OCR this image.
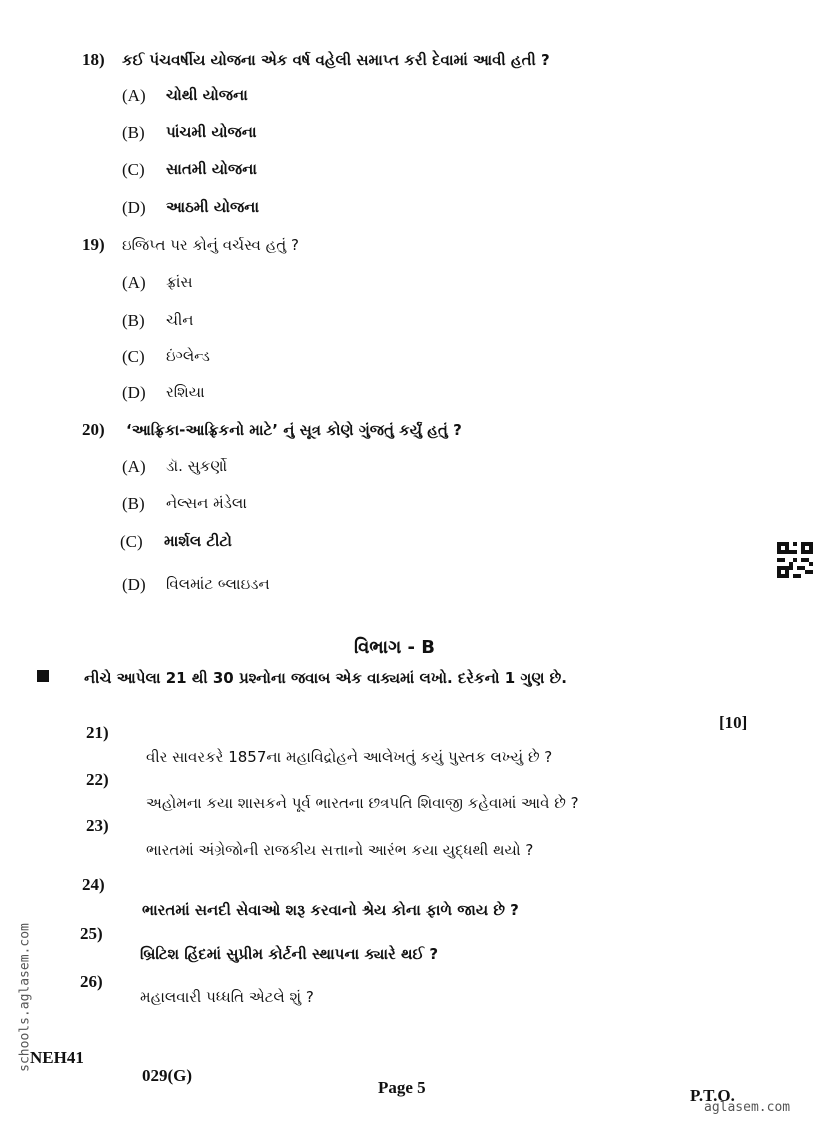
18) કઈ પંચવર્ષીય યોજના એક વર્ષ વહેલી સમાપ્ત કરી દેવામાં આવી હતી ?
(A) ચોથી યોજના
(B) પાંચમી યોજના
(C) સાતમી યોજના
(D) આઠમી યોજના
19) ઇજિપ્ત પર કોનું વર્ચસ્વ હતું ?
(A) ફ્રાંસ
(B) ચીન
(C) ઇંગ્લેન્ડ
(D) રશિયા
20) ‘આફ્રિકા-આફ્રિકનો માટે’ નું સૂત્ર કોણે ગુંજતું કર્યું હતું ?
(A) ડૉ. સુકર્ણો
(B) નેલ્સન મંડેલા
(C) માર્શલ ટીટો
(D) વિલમાંટ બ્લાઇડન
વિભાગ - B
નીચે આપેલા 21 થી 30 પ્રશ્નોના જવાબ એક વાક્યમાં લખો. દરેકનો 1 ગુણ છે.
[10]
21)
વીર સાવરકરે 1857ના મહાવિદ્રોહને આલેખતું કયું પુસ્તક લખ્યું છે ?
22)
અહોમના કયા શાસકને પૂર્વ ભારતના છત્રપતિ શિવાજી કહેવામાં આવે છે ?
23)
ભારતમાં અંગ્રેજોની રાજકીય સત્તાનો આરંભ કયા યુદ્ધથી થયો ?
24)
ભારતમાં સનદી સેવાઓ શરૂ કરવાનો શ્રેય કોના ફાળે જાય છે ?
25)
બ્રિટિશ હિંદમાં સુપ્રીમ કોર્ટની સ્થાપના ક્યારે થઈ ?
26)
મહાલવારી પધ્ધતિ એટલે શું ?
NEH41
029(G)
Page 5	P.T.O.
schools.aglasem.com
aglasem.com
